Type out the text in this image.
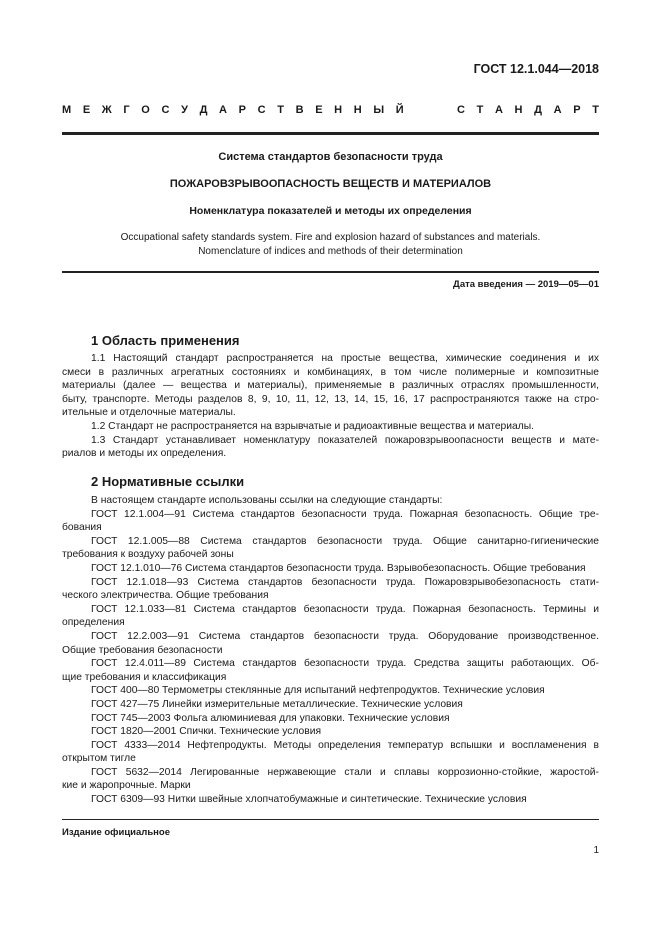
ГОСТ 12.1.044—2018
М Е Ж Г О С У Д А Р С Т В Е Н Н Ы Й	С Т А Н Д А Р Т
Система стандартов безопасности труда
ПОЖАРОВЗРЫВООПАСНОСТЬ ВЕЩЕСТВ И МАТЕРИАЛОВ
Номенклатура показателей и методы их определения
Occupational safety standards system. Fire and explosion hazard of substances and materials.
Nomenclature of indices and methods of their determination
Дата введения — 2019—05—01
1 Область применения
1.1 Настоящий стандарт распространяется на простые вещества, химические соединения и их
смеси в различных агрегатных состояниях и комбинациях, в том числе полимерные и композитные
материалы (далее — вещества и материалы), применяемые в различных отраслях промышленности,
быту, транспорте. Методы разделов 8, 9, 10, 11, 12, 13, 14, 15, 16, 17 распространяются также на стро-
ительные и отделочные материалы.
1.2 Стандарт не распространяется на взрывчатые и радиоактивные вещества и материалы.
1.3 Стандарт устанавливает номенклатуру показателей пожаровзрывоопасности веществ и мате-
риалов и методы их определения.
2 Нормативные ссылки
В настоящем стандарте использованы ссылки на следующие стандарты:
ГОСТ 12.1.004—91 Система стандартов безопасности труда. Пожарная безопасность. Общие тре-
бования
ГОСТ 12.1.005—88 Система стандартов безопасности труда. Общие санитарно-гигиенические
требования к воздуху рабочей зоны
ГОСТ 12.1.010—76 Система стандартов безопасности труда. Взрывобезопасность. Общие требования
ГОСТ 12.1.018—93 Система стандартов безопасности труда. Пожаровзрывобезопасность стати-
ческого электричества. Общие требования
ГОСТ 12.1.033—81 Система стандартов безопасности труда. Пожарная безопасность. Термины и
определения
ГОСТ 12.2.003—91 Система стандартов безопасности труда. Оборудование производственное.
Общие требования безопасности
ГОСТ 12.4.011—89 Система стандартов безопасности труда. Средства защиты работающих. Об-
щие требования и классификация
ГОСТ 400—80 Термометры стеклянные для испытаний нефтепродуктов. Технические условия
ГОСТ 427—75 Линейки измерительные металлические. Технические условия
ГОСТ 745—2003 Фольга алюминиевая для упаковки. Технические условия
ГОСТ 1820—2001 Спички. Технические условия
ГОСТ 4333—2014 Нефтепродукты. Методы определения температур вспышки и воспламенения в
открытом тигле
ГОСТ 5632—2014 Легированные нержавеющие стали и сплавы коррозионно-стойкие, жаростой-
кие и жаропрочные. Марки
ГОСТ 6309—93 Нитки швейные хлопчатобумажные и синтетические. Технические условия
Издание официальное
1
